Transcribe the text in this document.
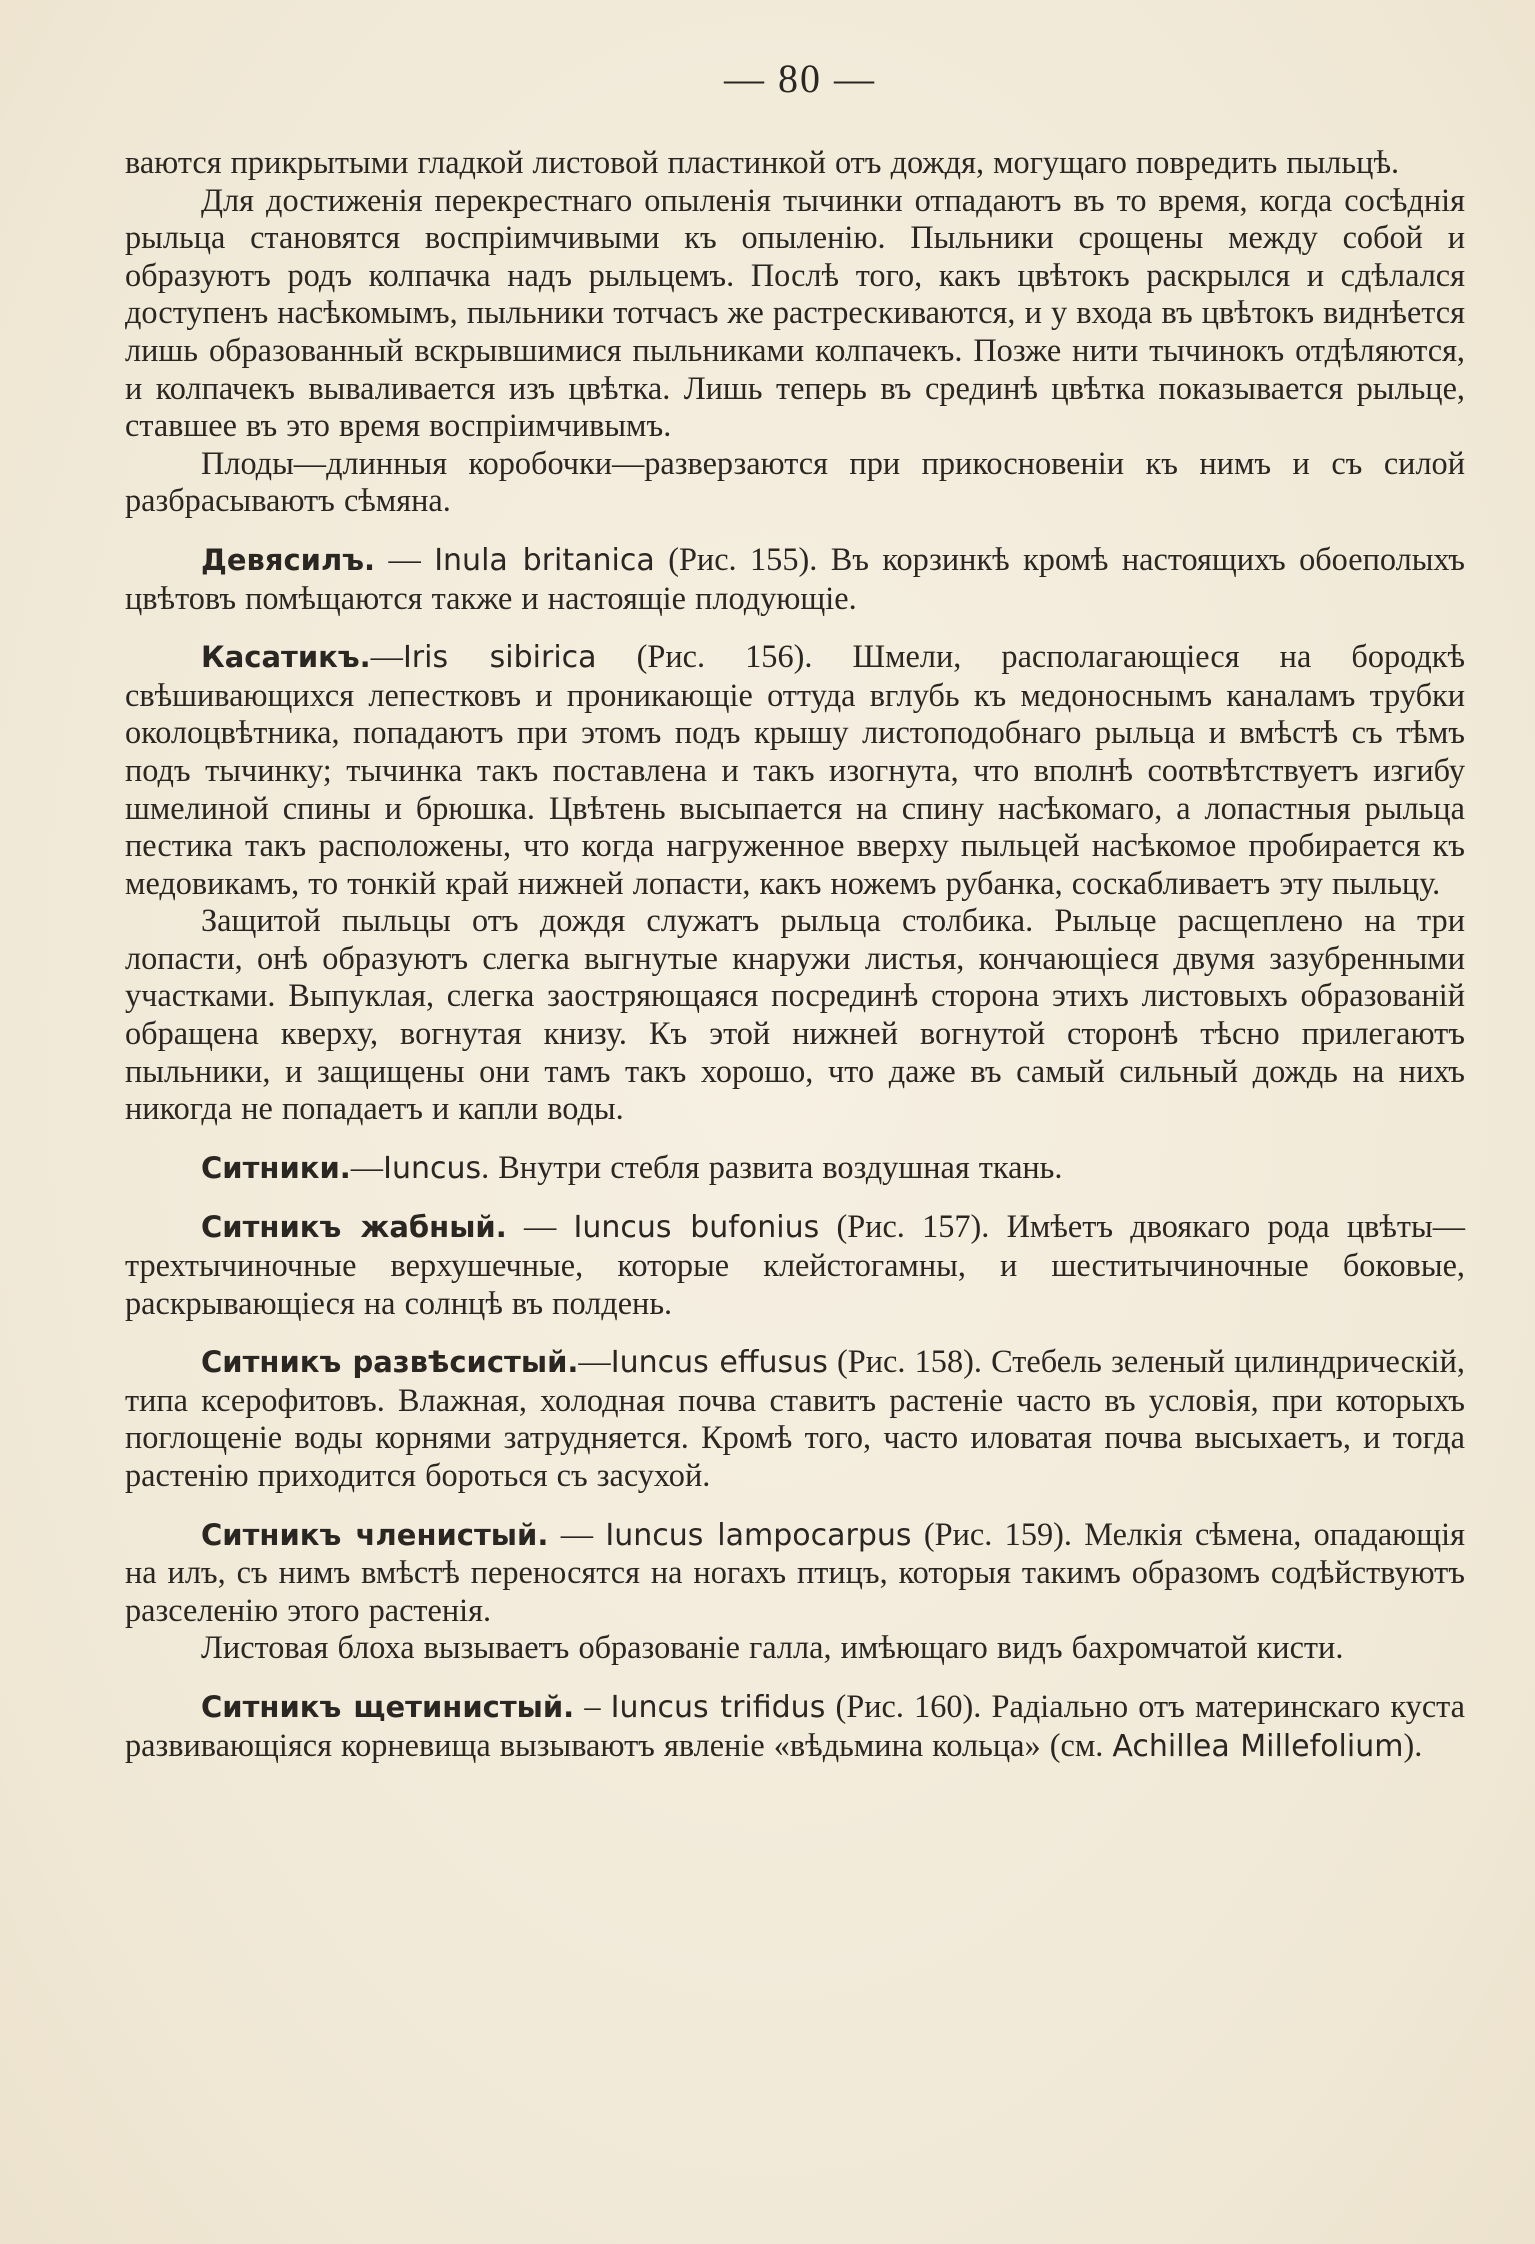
— 80 —

ваются прикрытыми гладкой листовой пластинкой отъ дождя, могущаго повредить пыльцѣ.

Для достиженія перекрестнаго опыленія тычинки отпадаютъ въ то время, когда сосѣднія рыльца становятся воспріимчивыми къ опыленію. Пыльники срощены между собой и образуютъ родъ колпачка надъ рыльцемъ. Послѣ того, какъ цвѣтокъ раскрылся и сдѣлался доступенъ насѣкомымъ, пыльники тотчасъ же растрескиваются, и у входа въ цвѣтокъ виднѣется лишь образованный вскрывшимися пыльниками колпачекъ. Позже нити тычинокъ отдѣляются, и колпачекъ вываливается изъ цвѣтка. Лишь теперь въ срединѣ цвѣтка показывается рыльце, ставшее въ это время воспріимчивымъ.

Плоды—длинныя коробочки—разверзаются при прикосновеніи къ нимъ и съ силой разбрасываютъ сѣмяна.

Девясилъ. — Inula britanica (Рис. 155). Въ корзинкѣ кромѣ настоящихъ обоеполыхъ цвѣтовъ помѣщаются также и настоящіе плодующіе.

Касатикъ.—Iris sibirica (Рис. 156). Шмели, располагающіеся на бородкѣ свѣшивающихся лепестковъ и проникающіе оттуда вглубь къ медоноснымъ каналамъ трубки околоцвѣтника, попадаютъ при этомъ подъ крышу листоподобнаго рыльца и вмѣстѣ съ тѣмъ подъ тычинку; тычинка такъ поставлена и такъ изогнута, что вполнѣ соотвѣтствуетъ изгибу шмелиной спины и брюшка. Цвѣтень высыпается на спину насѣкомаго, а лопастныя рыльца пестика такъ расположены, что когда нагруженное вверху пыльцей насѣкомое пробирается къ медовикамъ, то тонкій край нижней лопасти, какъ ножемъ рубанка, соскабливаетъ эту пыльцу.

Защитой пыльцы отъ дождя служатъ рыльца столбика. Рыльце расщеплено на три лопасти, онѣ образуютъ слегка выгнутые кнаружи листья, кончающіеся двумя зазубренными участками. Выпуклая, слегка заостряющаяся посрединѣ сторона этихъ листовыхъ образованій обращена кверху, вогнутая книзу. Къ этой нижней вогнутой сторонѣ тѣсно прилегаютъ пыльники, и защищены они тамъ такъ хорошо, что даже въ самый сильный дождь на нихъ никогда не попадаетъ и капли воды.

Ситники.—Iuncus. Внутри стебля развита воздушная ткань.

Ситникъ жабный. — Iuncus bufonius (Рис. 157). Имѣетъ двоякаго рода цвѣты—трехтычиночные верхушечные, которые клейстогамны, и шеститычиночные боковые, раскрывающіеся на солнцѣ въ полдень.

Ситникъ развѣсистый.—Iuncus effusus (Рис. 158). Стебель зеленый цилиндрическій, типа ксерофитовъ. Влажная, холодная почва ставитъ растеніе часто въ условія, при которыхъ поглощеніе воды корнями затрудняется. Кромѣ того, часто иловатая почва высыхаетъ, и тогда растенію приходится бороться съ засухой.

Ситникъ членистый. — Iuncus lampocarpus (Рис. 159). Мелкія сѣмена, опадающія на илъ, съ нимъ вмѣстѣ переносятся на ногахъ птицъ, которыя такимъ образомъ содѣйствуютъ разселенію этого растенія.

Листовая блоха вызываетъ образованіе галла, имѣющаго видъ бахромчатой кисти.

Ситникъ щетинистый. – Iuncus trifidus (Рис. 160). Радіально отъ материнскаго куста развивающіяся корневища вызываютъ явленіе «вѣдьмина кольца» (см. Achillea Millefolium).
